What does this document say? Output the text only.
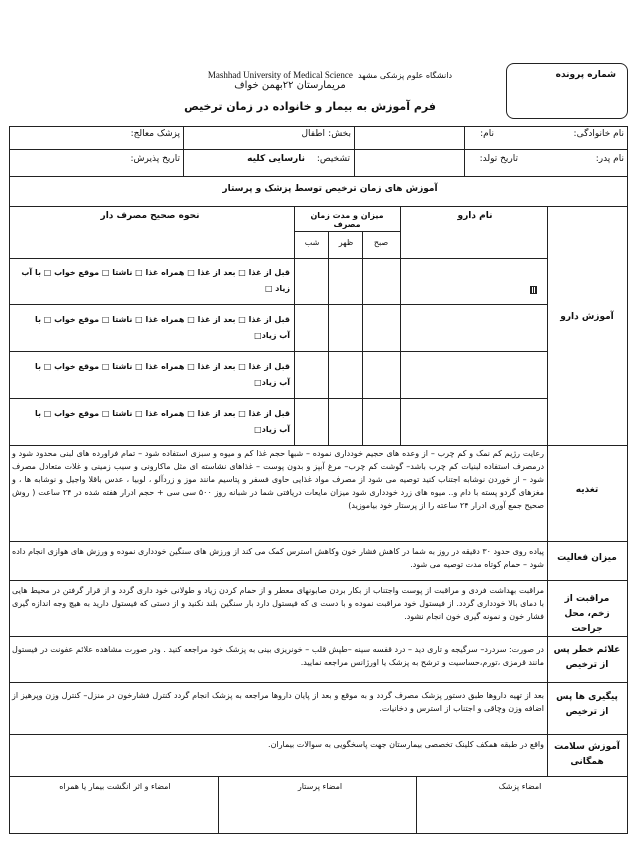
شماره پرونده
دانشگاه علوم پزشکی مشهد Mashhad University of Medical Science
مریمارستان ۲۲بهمن خواف
فرم آموزش به بیمار و خانواده در زمان ترخیص
نام خانوادگی:
نام:
بخش:
اطفال
پزشک معالج:
نام پدر:
تاریخ تولد:
تشخیص:
نارسایی کلیه
تاریخ پذیرش:
آموزش های زمان ترخیص توسط پزشک و پرستار
نام دارو
میزان و مدت زمان مصرف
نحوه صحیح مصرف دار
صبح
ظهر
شب
آموزش دارو
قبل از غذا □ بعد از غذا □ همراه غذا □ ناشتا □ موقع خواب □ با آب
زیاد □
قبل از غذا □ بعد از غذا □ همراه غذا □ ناشتا □ موقع خواب □ با
آب زیاد□
قبل از غذا □ بعد از غذا □ همراه غذا □ ناشتا □ موقع خواب □ با
آب زیاد□
قبل از غذا □ بعد از غذا □ همراه غذا □ ناشتا □ موقع خواب □ با
آب زیاد□
تغذیه
رعایت رژیم کم نمک و کم چرب – از وعده های حجیم خودداری نموده – شبها حجم غذا کم و میوه و سبزی استفاده شود – تمام فراورده های لبنی محدود شود و درمصرف استفاده لبنیات کم چرب باشد– گوشت کم چرب– مرغ آبپز و بدون پوست – غذاهای نشاسته ای مثل ماکارونی و سیب زمینی و غلات متعادل مصرف شود – از خوردن نوشابه اجتناب کنید توصیه می شود از مصرف مواد غذایی حاوی فسفر و پتاسیم مانند موز و زردآلو ، لوبیا ، عدس باقلا واجیل و نوشابه ها ، و مغزهای گردو پسته با دام و.. میوه های زرد خودداری شود میزان مایعات دریافتی شما در شبانه روز ۵۰۰ سی سی + حجم ادرار هفته شده در ۲۴ ساعت ( روش صحیح جمع آوری ادرار ۲۴ ساعته را از پرستار خود بیاموزید)
میزان فعالیت
پیاده روی حدود ۳۰ دقیقه در روز به شما در کاهش فشار خون وکاهش استرس کمک می کند از ورزش های سنگین خودداری نموده و ورزش های هوازی انجام داده شود – حمام کوتاه مدت توصیه می شود.
مراقبت از زخم، محل جراحت
مراقبت بهداشت فردی و مراقبت از پوست واجتناب از بکار بردن صابونهای معطر و از حمام کردن زیاد و طولانی خود داری گردد و از قرار گرفتن در محیط هایی با دمای بالا خودداری گردد. از فیستول خود مراقبت نموده و با دست ی که فیستول دارد بار سنگین بلند نکنید و از دستی که فیستول دارید به هیچ وجه اندازه گیری فشار خون و نمونه گیری خون انجام نشود.
علائم خطر پس از ترخیص
در صورت: سردرد– سرگیجه و تاری دید – درد قفسه سینه –طپش قلب – خونریزی بینی به پزشک خود مراجعه کنید . ودر صورت مشاهده علائم عفونت در فیستول مانند قرمزی ،تورم،حساسیت و ترشح به پزشک یا اورژانس مراجعه نمایید.
پیگیری ها پس از ترخیص
بعد از تهیه داروها طبق دستور پزشک مصرف گردد و به موقع و بعد از پایان داروها مراجعه به پزشک انجام گردد کنترل فشارخون در منزل– کنترل وزن وپرهیز از اضافه وزن وچاقی و اجتناب از استرس و دخانیات.
آموزش سلامت همگانی
واقع در طبقه همکف کلینک تخصصی بیمارستان جهت پاسخگویی به سوالات بیماران.
امضاء پزشک
امضاء پرستار
امضاء و اثر انگشت بیمار یا همراه
